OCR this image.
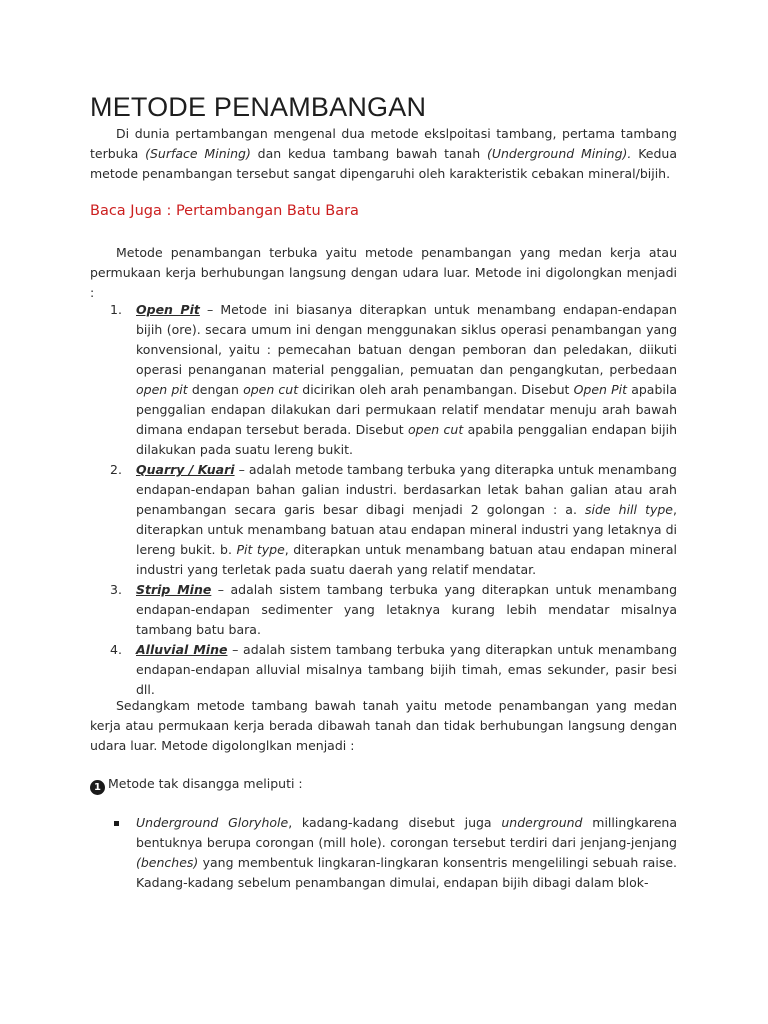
METODE PENAMBANGAN

Di dunia pertambangan mengenal dua metode ekslpoitasi tambang, pertama tambang terbuka (Surface Mining) dan kedua tambang bawah tanah (Underground Mining). Kedua metode penambangan tersebut sangat dipengaruhi oleh karakteristik cebakan mineral/bijih.

Baca Juga : Pertambangan Batu Bara

Metode penambangan terbuka yaitu metode penambangan yang medan kerja atau permukaan kerja berhubungan langsung dengan udara luar. Metode ini digolongkan menjadi :

1. Open Pit – Metode ini biasanya diterapkan untuk menambang endapan-endapan bijih (ore). secara umum ini dengan menggunakan siklus operasi penambangan yang konvensional, yaitu : pemecahan batuan dengan pemboran dan peledakan, diikuti operasi penanganan material penggalian, pemuatan dan pengangkutan, perbedaan open pit dengan open cut dicirikan oleh arah penambangan. Disebut Open Pit apabila penggalian endapan dilakukan dari permukaan relatif mendatar menuju arah bawah dimana endapan tersebut berada. Disebut open cut apabila penggalian endapan bijih dilakukan pada suatu lereng bukit.
2. Quarry / Kuari – adalah metode tambang terbuka yang diterapka untuk menambang endapan-endapan bahan galian industri. berdasarkan letak bahan galian atau arah penambangan secara garis besar dibagi menjadi 2 golongan : a. side hill type, diterapkan untuk menambang batuan atau endapan mineral industri yang letaknya di lereng bukit. b. Pit type, diterapkan untuk menambang batuan atau endapan mineral industri yang terletak pada suatu daerah yang relatif mendatar.
3. Strip Mine – adalah sistem tambang terbuka yang diterapkan untuk menambang endapan-endapan sedimenter yang letaknya kurang lebih mendatar misalnya tambang batu bara.
4. Alluvial Mine – adalah sistem tambang terbuka yang diterapkan untuk menambang endapan-endapan alluvial misalnya tambang bijih timah, emas sekunder, pasir besi dll.

Sedangkam metode tambang bawah tanah yaitu metode penambangan yang medan kerja atau permukaan kerja berada dibawah tanah dan tidak berhubungan langsung dengan udara luar. Metode digolonglkan menjadi :

1 Metode tak disangga meliputi :

Underground Gloryhole, kadang-kadang disebut juga underground millingkarena bentuknya berupa corongan (mill hole). corongan tersebut terdiri dari jenjang-jenjang (benches) yang membentuk lingkaran-lingkaran konsentris mengelilingi sebuah raise. Kadang-kadang sebelum penambangan dimulai, endapan bijih dibagi dalam blok-
